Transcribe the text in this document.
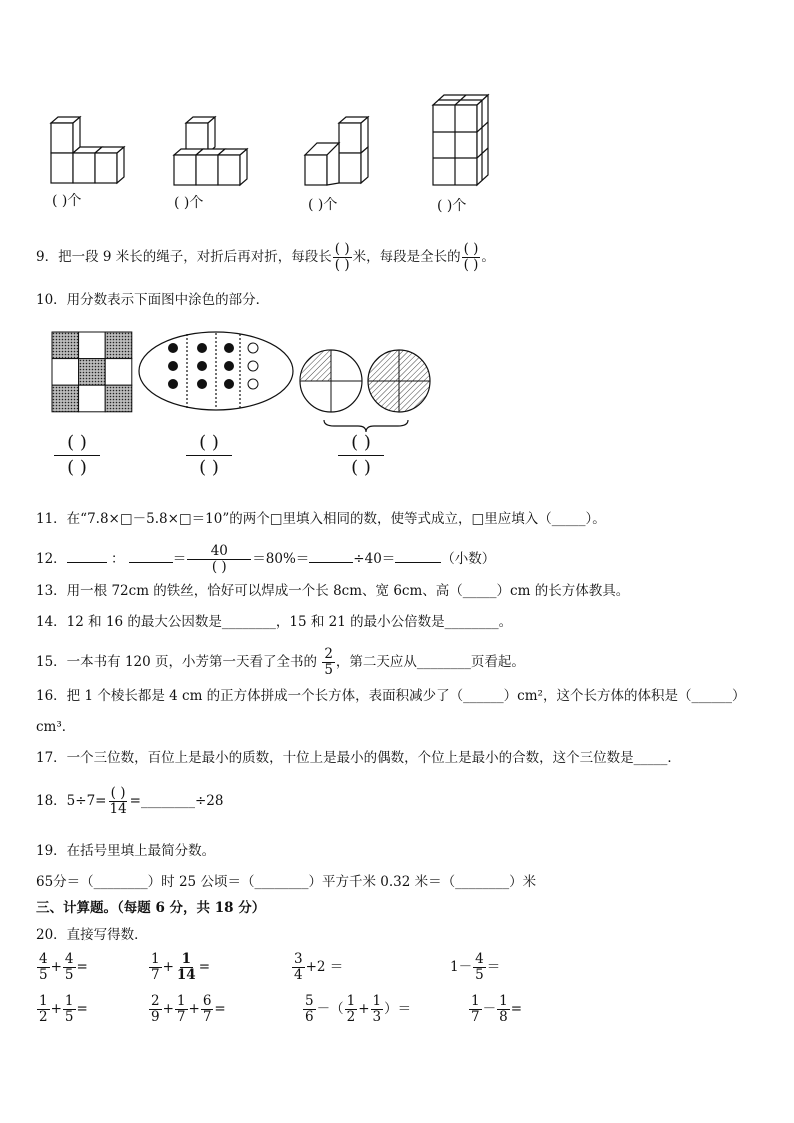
( )个	( )个	( )个	( )个
9．把一段 9 米长的绳子，对折后再对折，每段长 $\frac{( )}{( )}$ 米，每段是全长的 $\frac{( )}{( )}$ 。
10．用分数表示下面图中涂色的部分．
( )
( )
( )
( )
( )
( )
11．在“7.8×□－5.8×□＝10”的两个□里填入相同的数，使等式成立，□里应填入（_____）。
12．	：	＝ $\frac{40}{( )} =80\%=$	÷40＝	（小数）
13．用一根 72cm 的铁丝，恰好可以焊成一个长 8cm、宽 6cm、高（_____）cm 的长方体教具。
14．12 和 16 的最大公因数是________，15 和 21 的最小公倍数是________。
15．一本书有 120 页，小芳第一天看了全书的 $\frac{2}{5}$ ，第二天应从________页看起。
16．把 1 个棱长都是 4 cm 的正方体拼成一个长方体，表面积减少了（______）cm²，这个长方体的体积是（______）
cm³．
17．一个三位数，百位上是最小的质数，十位上是最小的偶数，个位上是最小的合数，这个三位数是_____．
18．$5\div 7= \frac{( )}{14}$ =________÷28
19．在括号里填上最简分数。
65分＝（________）时 25 公顷＝（________）平方千米 0.32 米＝（________）米
三、计算题。（每题 6 分，共 18 分）
20．直接写得数．
$\frac{4}{5} + \frac{4}{5}$ =	$\frac{1}{7} + \frac{1}{14}$ =	$\frac{3}{4} +2$ ＝	$1- \frac{4}{5}$ ＝
$\frac{1}{2} + \frac{1}{5}$ =	$\frac{2}{9} + \frac{1}{7} + \frac{6}{7}$ =	$\frac{5}{6}$ －（ $\frac{1}{2} + \frac{1}{3}$ ）＝	$\frac{1}{7} - \frac{1}{8}$ =
